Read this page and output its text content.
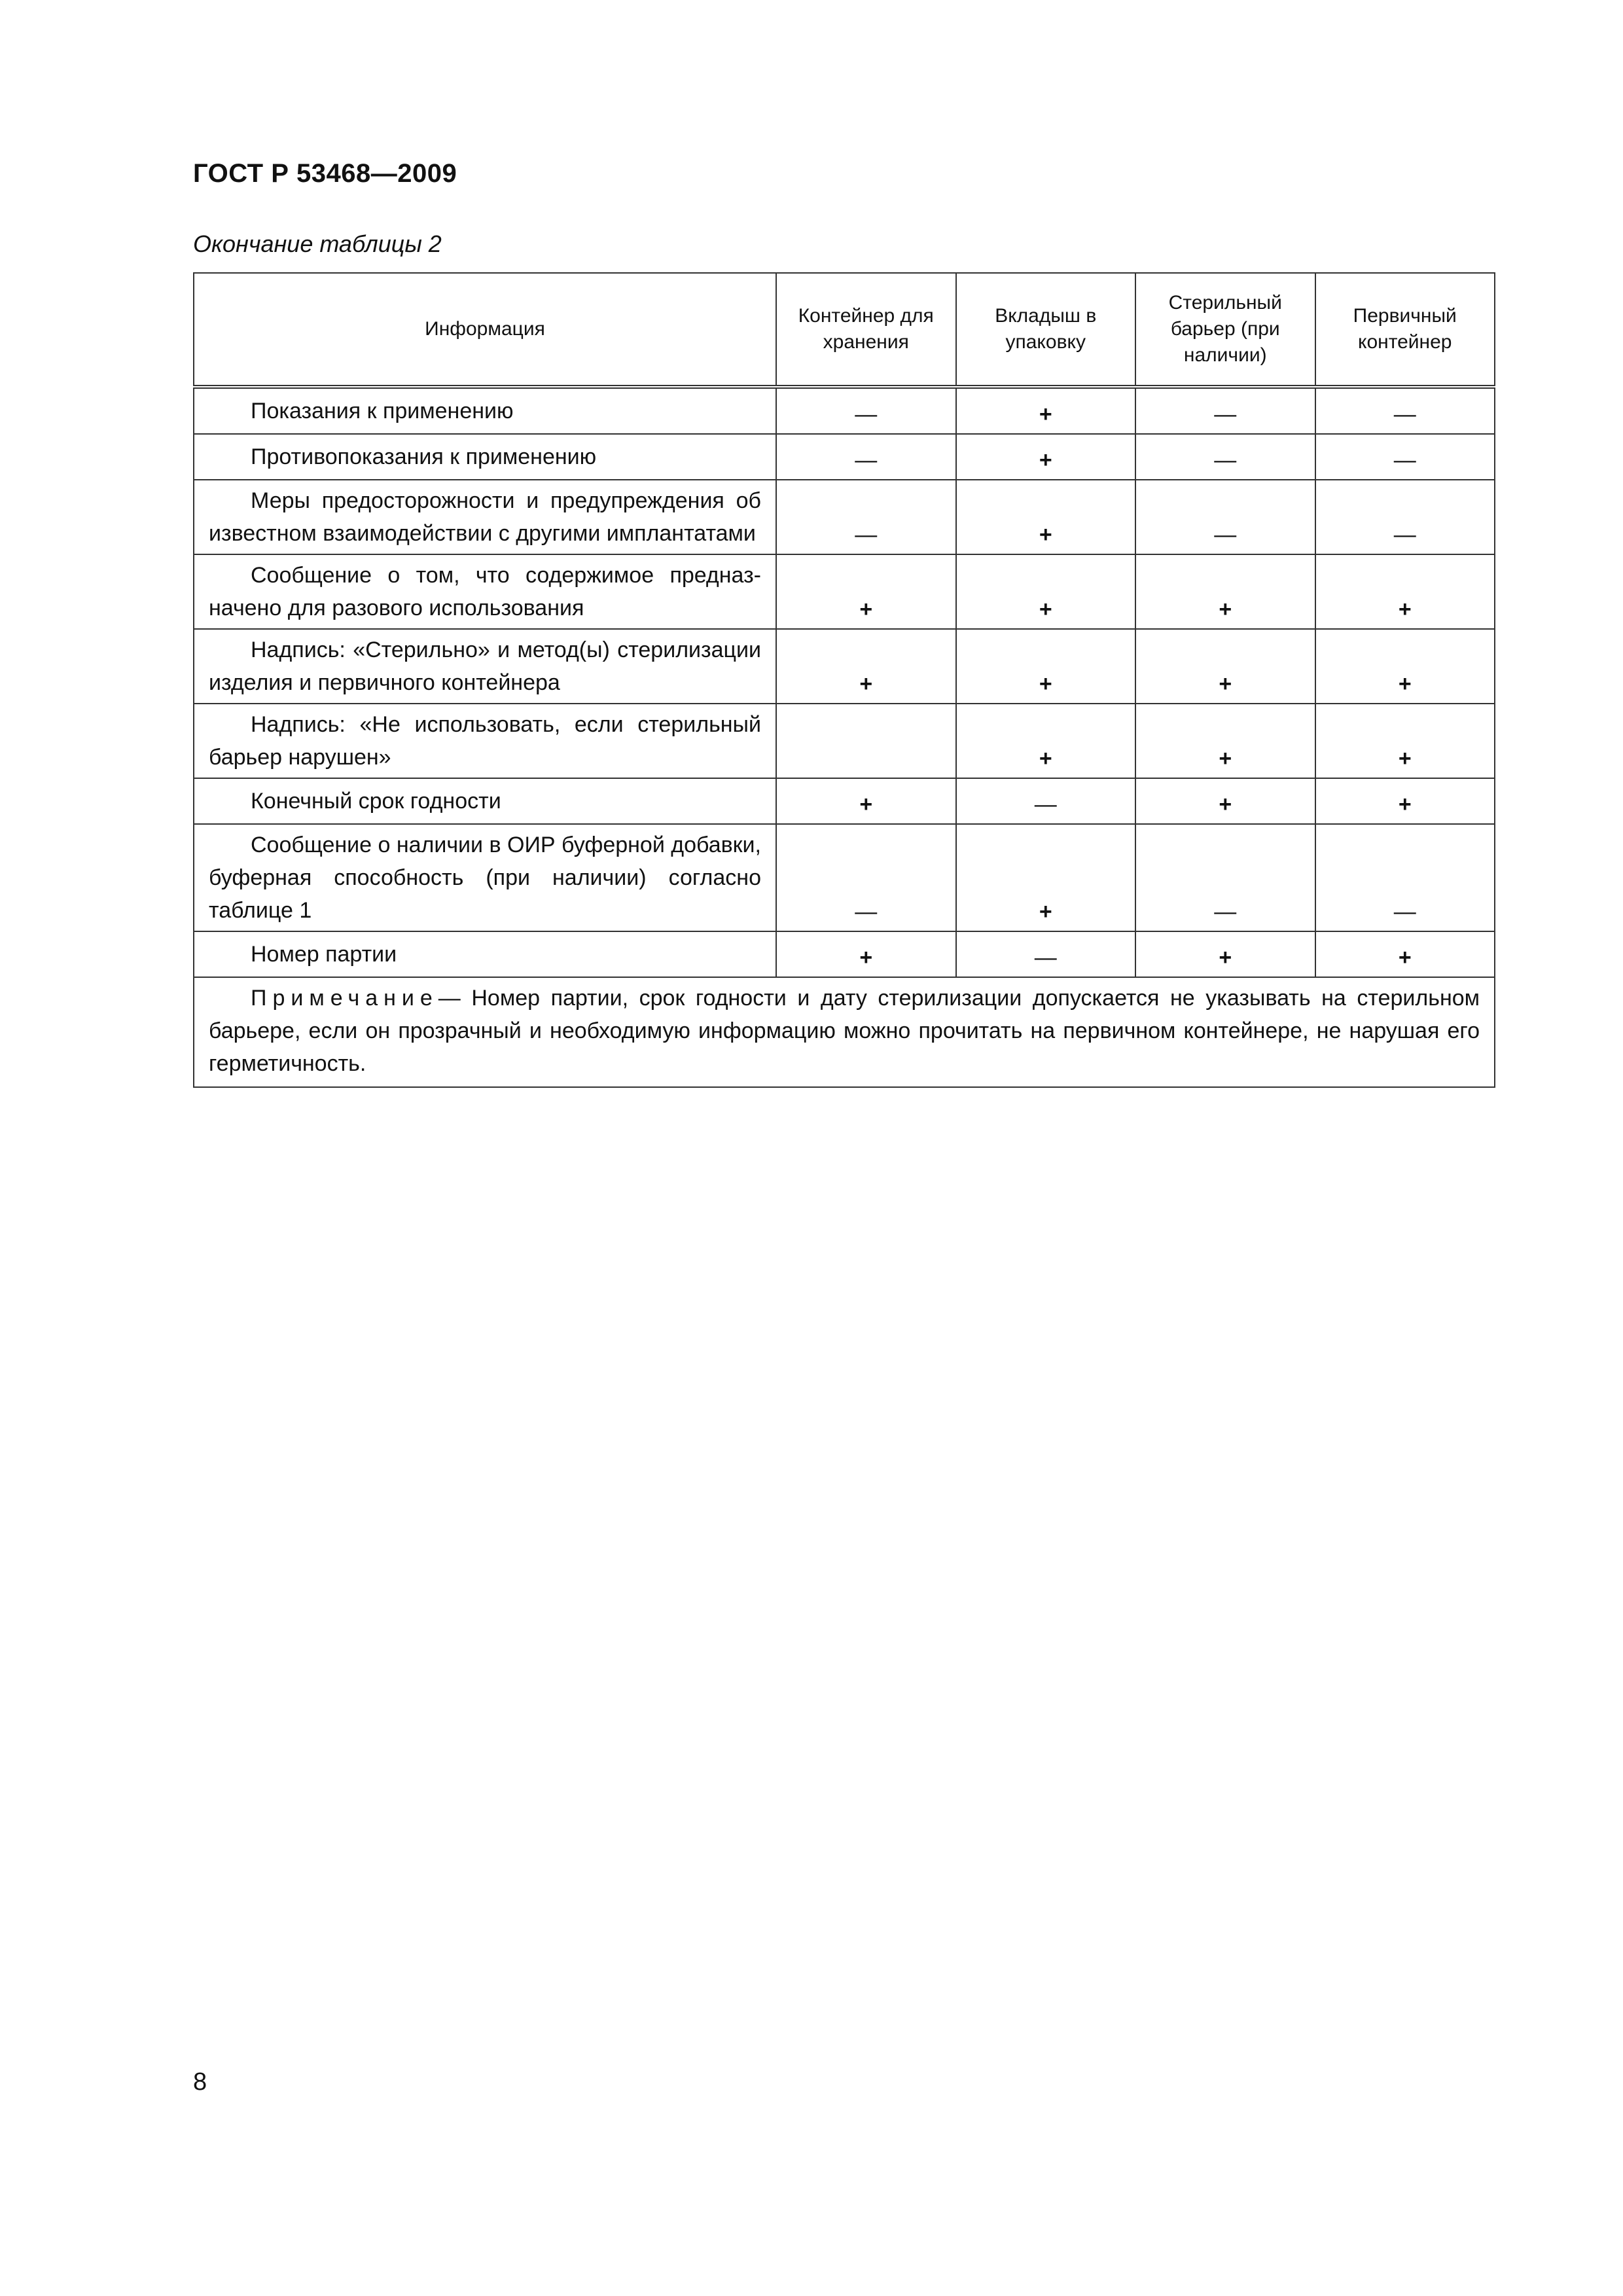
ГОСТ Р 53468—2009
Окончание таблицы 2
Информация	Контейнер для хранения	Вкладыш в упаковку	Стерильный барьер (при наличии)	Первичный контейнер
Показания к применению	—	+	—	—
Противопоказания к применению	—	+	—	—
Меры предосторожности и предупреждения об известном взаимодействии с другими имплантатами	—	+	—	—
Сообщение о том, что содержимое предназначено для разового использования	+	+	+	+
Надпись: «Стерильно» и метод(ы) стерилизации изделия и первичного контейнера	+	+	+	+
Надпись: «Не использовать, если стерильный барьер нарушен»		+	+	+
Конечный срок годности	+	—	+	+
Сообщение о наличии в ОИР буферной добавки, буферная способность (при наличии) согласно таблице 1	—	+	—	—
Номер партии	+	—	+	+
Примечание— Номер партии, срок годности и дату стерилизации допускается не указывать на стерильном барьере, если он прозрачный и необходимую информацию можно прочитать на первичном контейнере, не нарушая его герметичность.				
8
